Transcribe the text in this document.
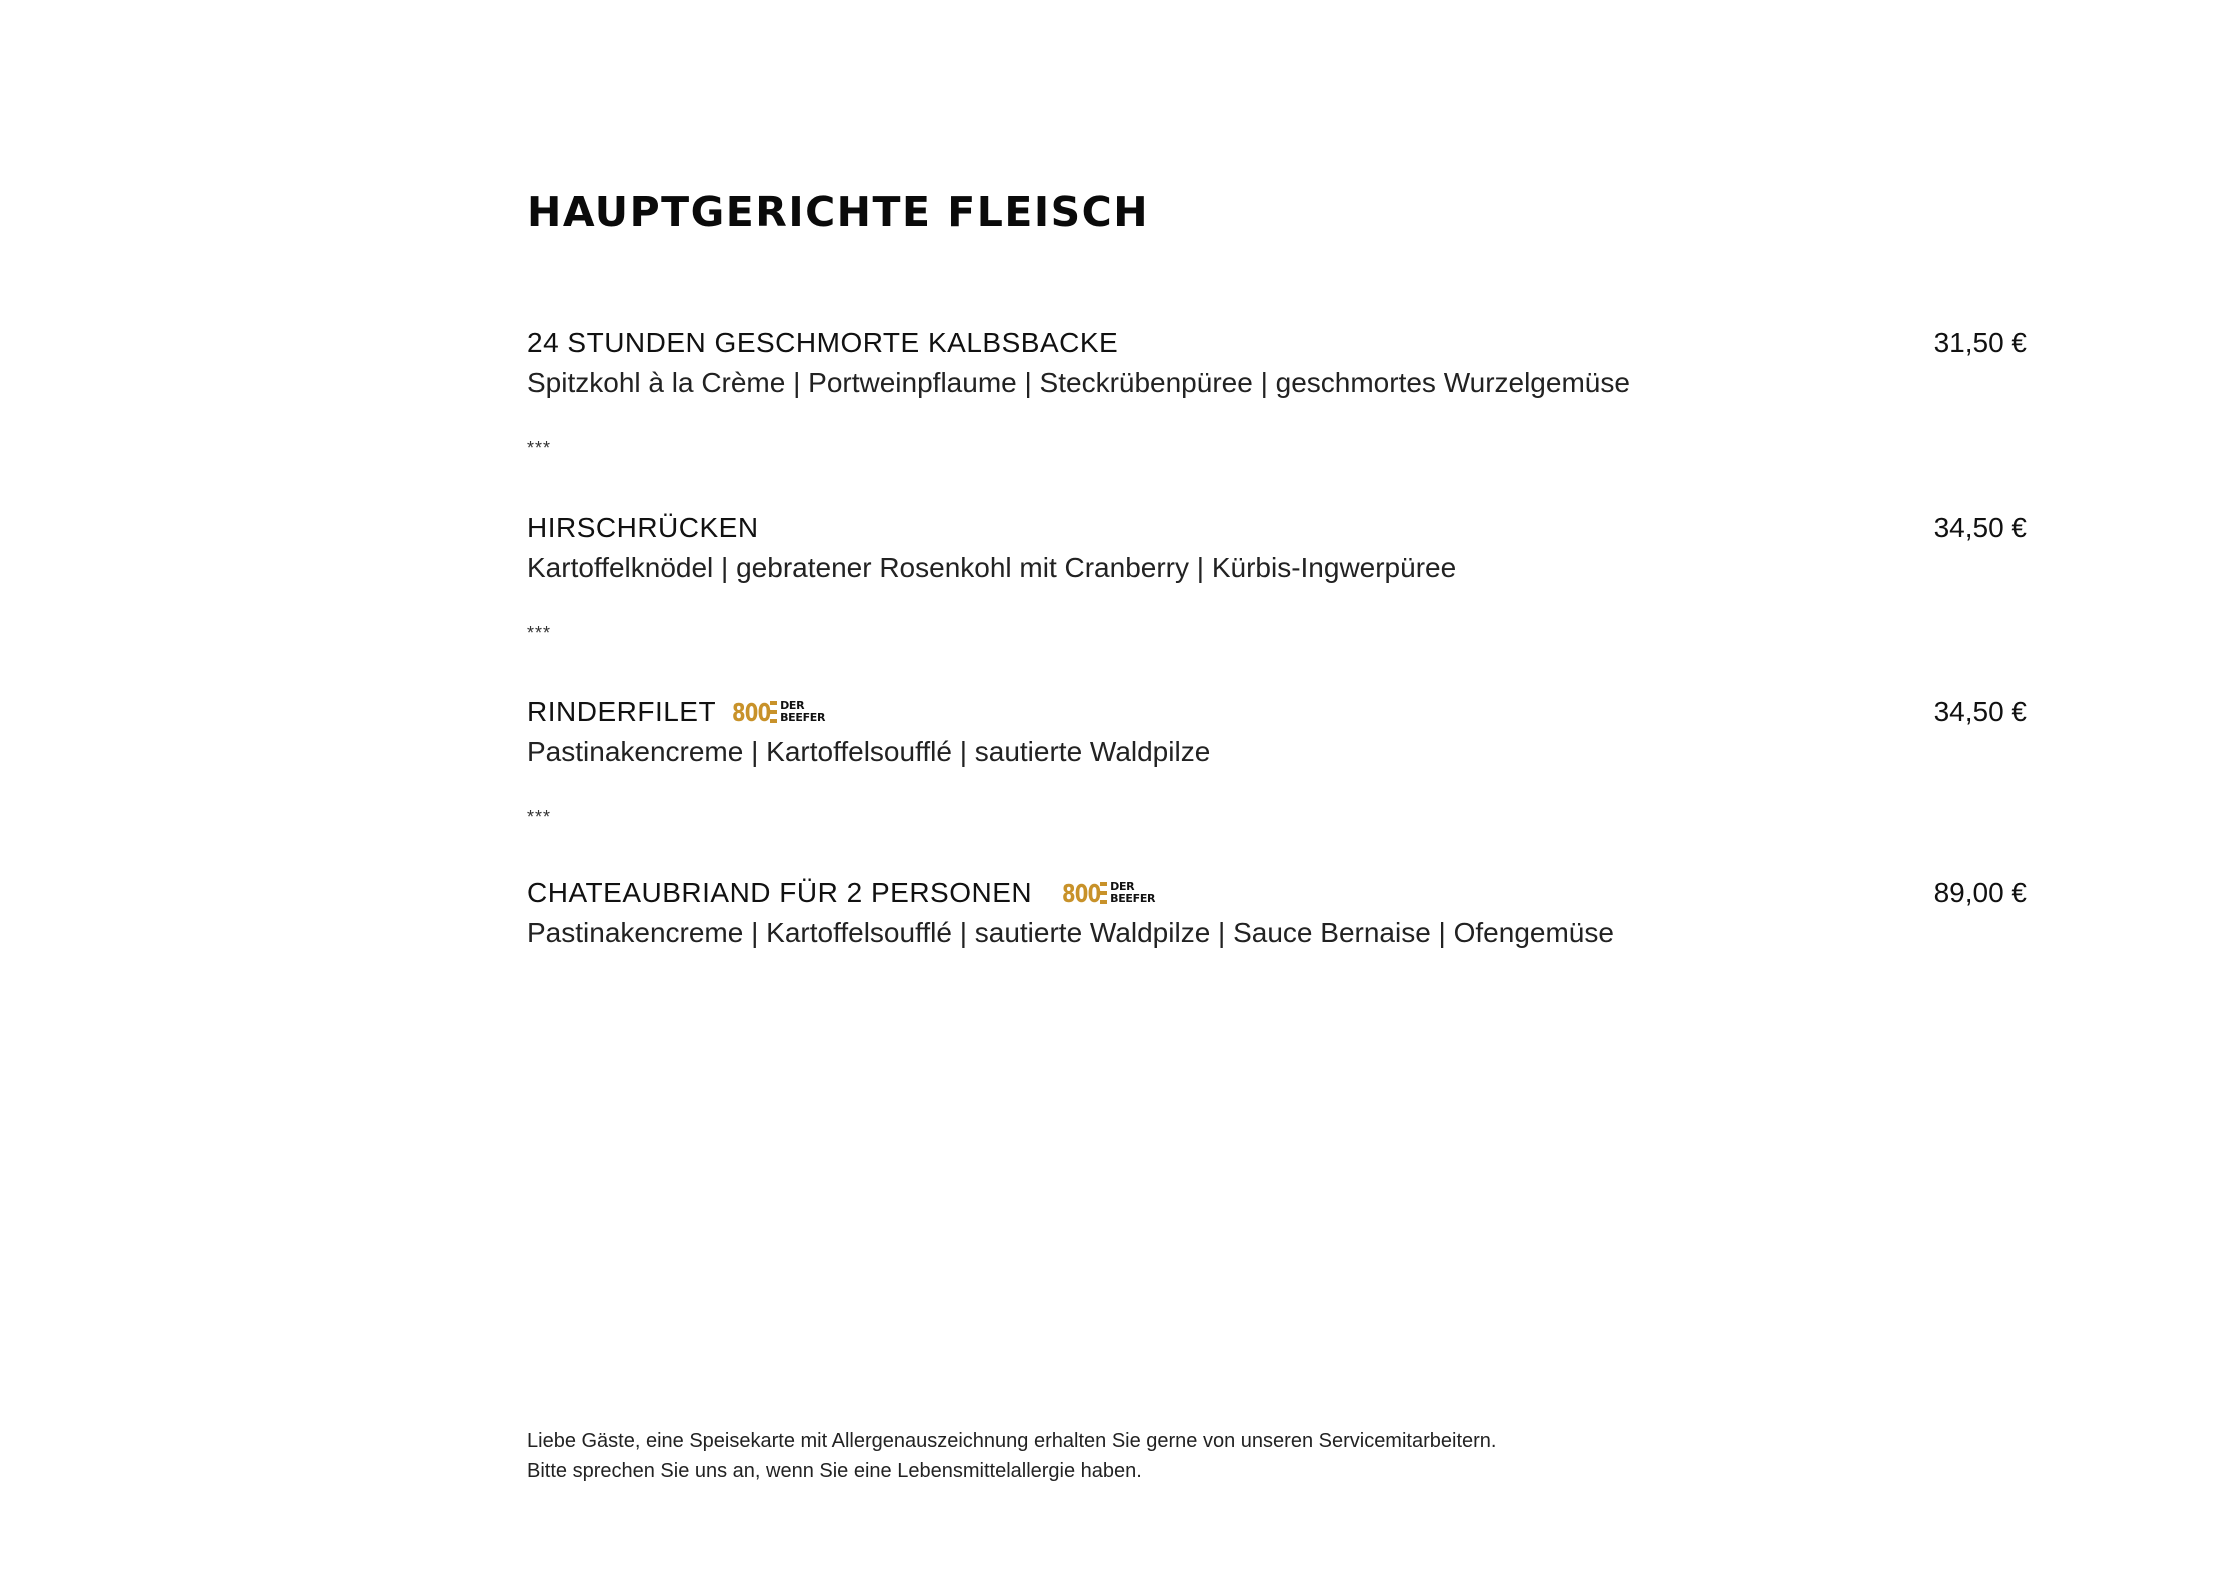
HAUPTGERICHTE FLEISCH
24 STUNDEN GESCHMORTE KALBSBACKE	31,50 €
Spitzkohl à la Crème | Portweinpflaume | Steckrübenpüree | geschmortes Wurzelgemüse
***
HIRSCHRÜCKEN	34,50 €
Kartoffelknödel | gebratener Rosenkohl mit Cranberry | Kürbis-Ingwerpüree
***
RINDERFILET 800 DER
BEEFER	34,50 €
Pastinakencreme | Kartoffelsoufflé | sautierte Waldpilze
***
CHATEAUBRIAND FÜR 2 PERSONEN 800 DER
BEEFER	89,00 €
Pastinakencreme | Kartoffelsoufflé | sautierte Waldpilze | Sauce Bernaise | Ofengemüse
Liebe Gäste, eine Speisekarte mit Allergenauszeichnung erhalten Sie gerne von unseren Servicemitarbeitern.
Bitte sprechen Sie uns an, wenn Sie eine Lebensmittelallergie haben.
